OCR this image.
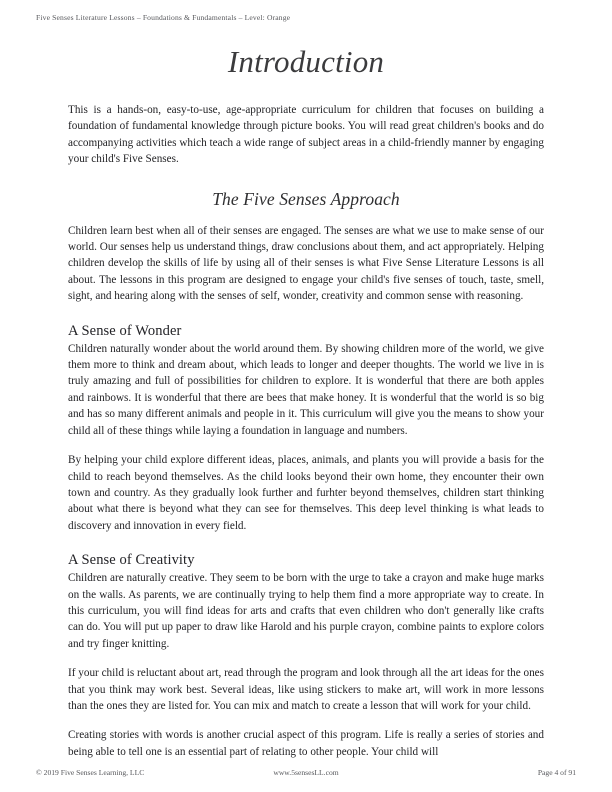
Five Senses Literature Lessons – Foundations & Fundamentals – Level: Orange
Introduction

This is a hands-on, easy-to-use, age-appropriate curriculum for children that focuses on building a foundation of fundamental knowledge through picture books. You will read great children's books and do accompanying activities which teach a wide range of subject areas in a child-friendly manner by engaging your child's Five Senses.

The Five Senses Approach

Children learn best when all of their senses are engaged. The senses are what we use to make sense of our world. Our senses help us understand things, draw conclusions about them, and act appropriately. Helping children develop the skills of life by using all of their senses is what Five Sense Literature Lessons is all about. The lessons in this program are designed to engage your child's five senses of touch, taste, smell, sight, and hearing along with the senses of self, wonder, creativity and common sense with reasoning.

A Sense of Wonder

Children naturally wonder about the world around them. By showing children more of the world, we give them more to think and dream about, which leads to longer and deeper thoughts. The world we live in is truly amazing and full of possibilities for children to explore. It is wonderful that there are both apples and rainbows. It is wonderful that there are bees that make honey. It is wonderful that the world is so big and has so many different animals and people in it. This curriculum will give you the means to show your child all of these things while laying a foundation in language and numbers.

By helping your child explore different ideas, places, animals, and plants you will provide a basis for the child to reach beyond themselves. As the child looks beyond their own home, they encounter their own town and country. As they gradually look further and furhter beyond themselves, children start thinking about what there is beyond what they can see for themselves. This deep level thinking is what leads to discovery and innovation in every field.

A Sense of Creativity

Children are naturally creative. They seem to be born with the urge to take a crayon and make huge marks on the walls. As parents, we are continually trying to help them find a more appropriate way to create. In this curriculum, you will find ideas for arts and crafts that even children who don't generally like crafts can do. You will put up paper to draw like Harold and his purple crayon, combine paints to explore colors and try finger knitting.

If your child is reluctant about art, read through the program and look through all the art ideas for the ones that you think may work best. Several ideas, like using stickers to make art, will work in more lessons than the ones they are listed for. You can mix and match to create a lesson that will work for your child.

Creating stories with words is another crucial aspect of this program. Life is really a series of stories and being able to tell one is an essential part of relating to other people. Your child will

© 2019 Five Senses Learning, LLC	www.5sensesLL.com	Page 4 of 91
